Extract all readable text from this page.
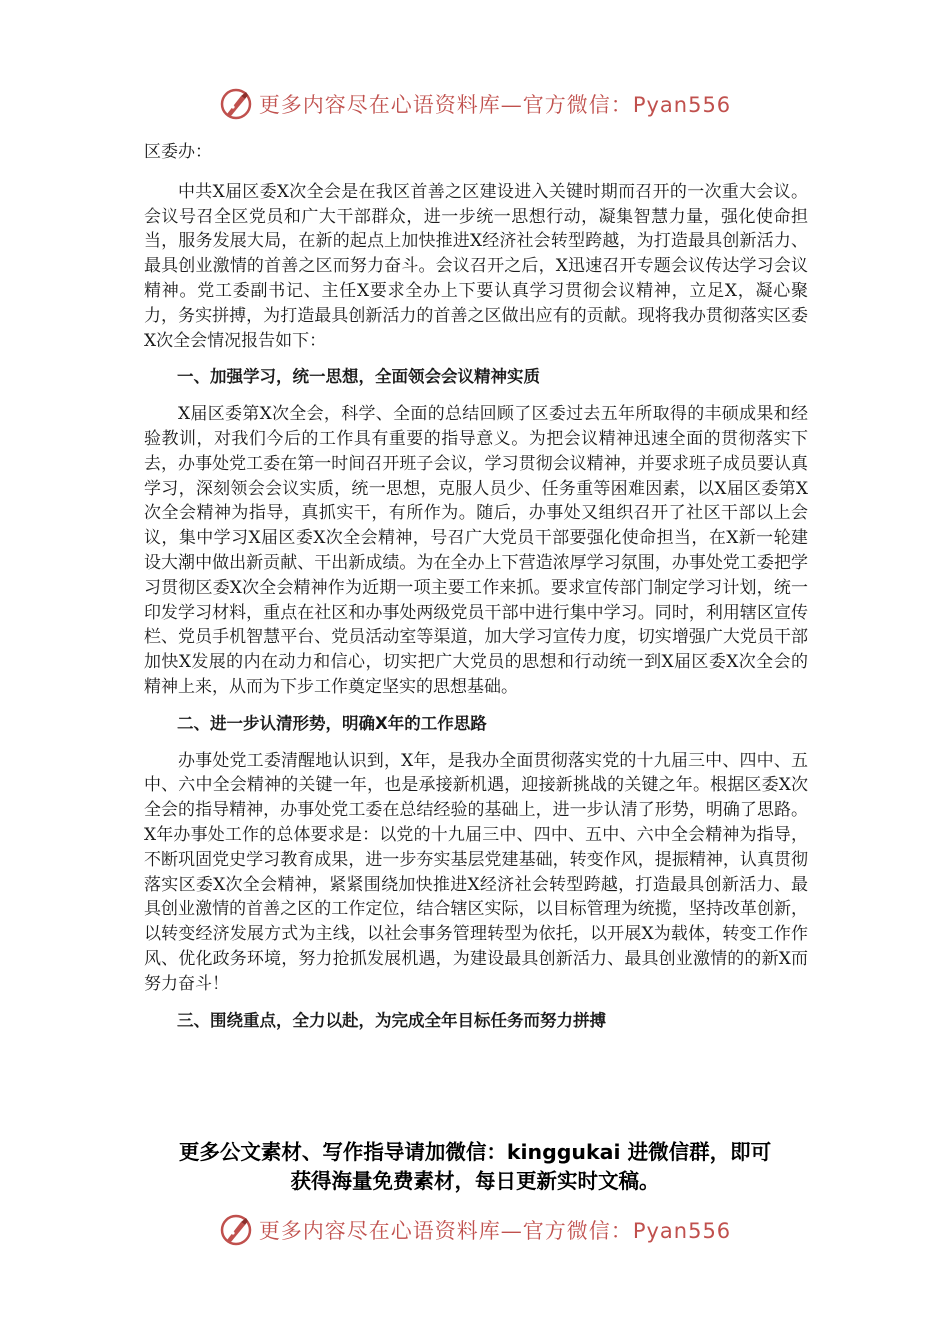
更多内容尽在心语资料库—官方微信：Pyan556

区委办：

中共X届区委X次全会是在我区首善之区建设进入关键时期而召开的一次重大会议。会议号召全区党员和广大干部群众，进一步统一思想行动，凝集智慧力量，强化使命担当，服务发展大局，在新的起点上加快推进X经济社会转型跨越，为打造最具创新活力、最具创业激情的首善之区而努力奋斗。会议召开之后，X迅速召开专题会议传达学习会议精神。党工委副书记、主任X要求全办上下要认真学习贯彻会议精神，立足X，凝心聚力，务实拼搏，为打造最具创新活力的首善之区做出应有的贡献。现将我办贯彻落实区委X次全会情况报告如下：

一、加强学习，统一思想，全面领会会议精神实质

X届区委第X次全会，科学、全面的总结回顾了区委过去五年所取得的丰硕成果和经验教训，对我们今后的工作具有重要的指导意义。为把会议精神迅速全面的贯彻落实下去，办事处党工委在第一时间召开班子会议，学习贯彻会议精神，并要求班子成员要认真学习，深刻领会会议实质，统一思想，克服人员少、任务重等困难因素，以X届区委第X次全会精神为指导，真抓实干，有所作为。随后，办事处又组织召开了社区干部以上会议，集中学习X届区委X次全会精神，号召广大党员干部要强化使命担当，在X新一轮建设大潮中做出新贡献、干出新成绩。为在全办上下营造浓厚学习氛围，办事处党工委把学习贯彻区委X次全会精神作为近期一项主要工作来抓。要求宣传部门制定学习计划，统一印发学习材料，重点在社区和办事处两级党员干部中进行集中学习。同时，利用辖区宣传栏、党员手机智慧平台、党员活动室等渠道，加大学习宣传力度，切实增强广大党员干部加快X发展的内在动力和信心，切实把广大党员的思想和行动统一到X届区委X次全会的精神上来，从而为下步工作奠定坚实的思想基础。

二、进一步认清形势，明确X年的工作思路

办事处党工委清醒地认识到，X年，是我办全面贯彻落实党的十九届三中、四中、五中、六中全会精神的关键一年，也是承接新机遇，迎接新挑战的关键之年。根据区委X次全会的指导精神，办事处党工委在总结经验的基础上，进一步认清了形势，明确了思路。X年办事处工作的总体要求是：以党的十九届三中、四中、五中、六中全会精神为指导，不断巩固党史学习教育成果，进一步夯实基层党建基础，转变作风，提振精神，认真贯彻落实区委X次全会精神，紧紧围绕加快推进X经济社会转型跨越，打造最具创新活力、最具创业激情的首善之区的工作定位，结合辖区实际，以目标管理为统揽，坚持改革创新，以转变经济发展方式为主线，以社会事务管理转型为依托，以开展X为载体，转变工作作风、优化政务环境，努力抢抓发展机遇，为建设最具创新活力、最具创业激情的的新X而努力奋斗！

三、围绕重点，全力以赴，为完成全年目标任务而努力拼搏

更多公文素材、写作指导请加微信：kinggukai 进微信群，即可
获得海量免费素材，每日更新实时文稿。
更多内容尽在心语资料库—官方微信：Pyan556
